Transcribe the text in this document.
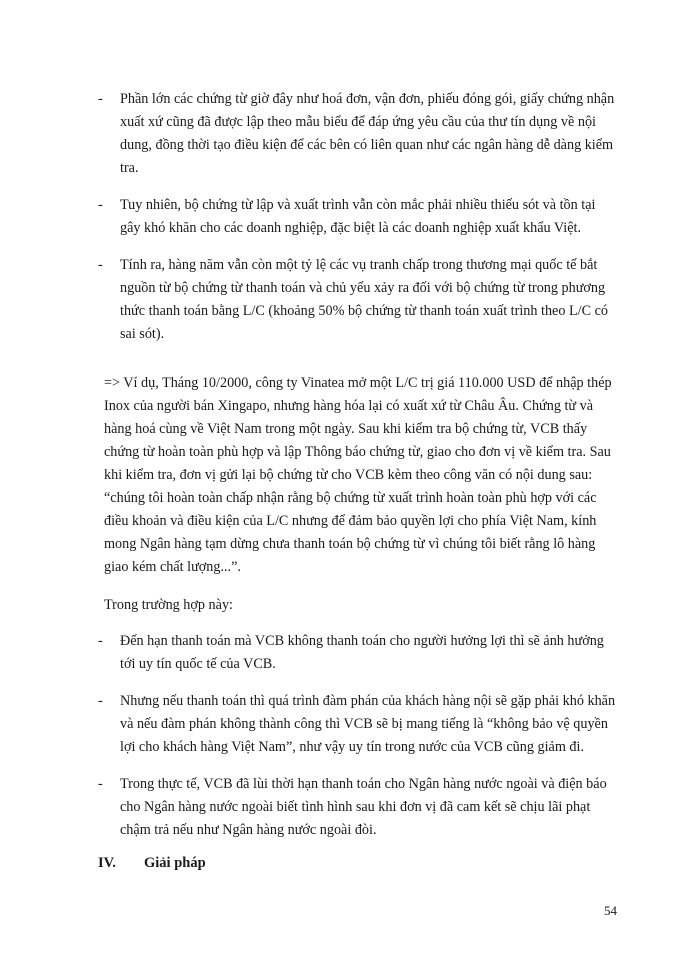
- Phần lớn các chứng từ giờ đây như hoá đơn, vận đơn, phiếu đóng gói, giấy chứng nhận xuất xứ cũng đã được lập theo mẫu biểu để đáp ứng yêu cầu của thư tín dụng về nội dung, đồng thời tạo điều kiện để các bên có liên quan như các ngân hàng dễ dàng kiểm tra.
- Tuy nhiên, bộ chứng từ lập và xuất trình vẫn còn mắc phải nhiều thiếu sót và tồn tại gây khó khăn cho các doanh nghiệp, đặc biệt là các doanh nghiệp xuất khẩu Việt.
- Tính ra, hàng năm vẫn còn một tỷ lệ các vụ tranh chấp trong thương mại quốc tế bắt nguồn từ bộ chứng từ thanh toán và chủ yếu xảy ra đối với bộ chứng từ trong phương thức thanh toán bằng L/C (khoảng 50% bộ chứng từ thanh toán xuất trình theo L/C có sai sót).
=> Ví dụ, Tháng 10/2000, công ty Vinatea mở một L/C trị giá 110.000 USD để nhập thép Inox của người bán Xingapo, nhưng hàng hóa lại có xuất xứ từ Châu Âu. Chứng từ và hàng hoá cùng về Việt Nam trong một ngày. Sau khi kiểm tra bộ chứng từ, VCB thấy chứng từ hoàn toàn phù hợp và lập Thông báo chứng từ, giao cho đơn vị về kiểm tra. Sau khi kiểm tra, đơn vị gửi lại bộ chứng từ cho VCB kèm theo công văn có nội dung sau: “chúng tôi hoàn toàn chấp nhận rằng bộ chứng từ xuất trình hoàn toàn phù hợp với các điều khoản và điều kiện của L/C nhưng để đảm bảo quyền lợi cho phía Việt Nam, kính mong Ngân hàng tạm dừng chưa thanh toán bộ chứng từ vì chúng tôi biết rằng lô hàng giao kém chất lượng...”.
Trong trường hợp này:
- Đến hạn thanh toán mà VCB không thanh toán cho người hưởng lợi thì sẽ ảnh hưởng tới uy tín quốc tế của VCB.
- Nhưng nếu thanh toán thì quá trình đàm phán của khách hàng nội sẽ gặp phải khó khăn và nếu đàm phán không thành công thì VCB sẽ bị mang tiếng là “không bảo vệ quyền lợi cho khách hàng Việt Nam”, như vậy uy tín trong nước của VCB cũng giảm đi.
- Trong thực tế, VCB đã lùi thời hạn thanh toán cho Ngân hàng nước ngoài và điện báo cho Ngân hàng nước ngoài biết tình hình sau khi đơn vị đã cam kết sẽ chịu lãi phạt chậm trả nếu như Ngân hàng nước ngoài đòi.
IV. Giải pháp
54
